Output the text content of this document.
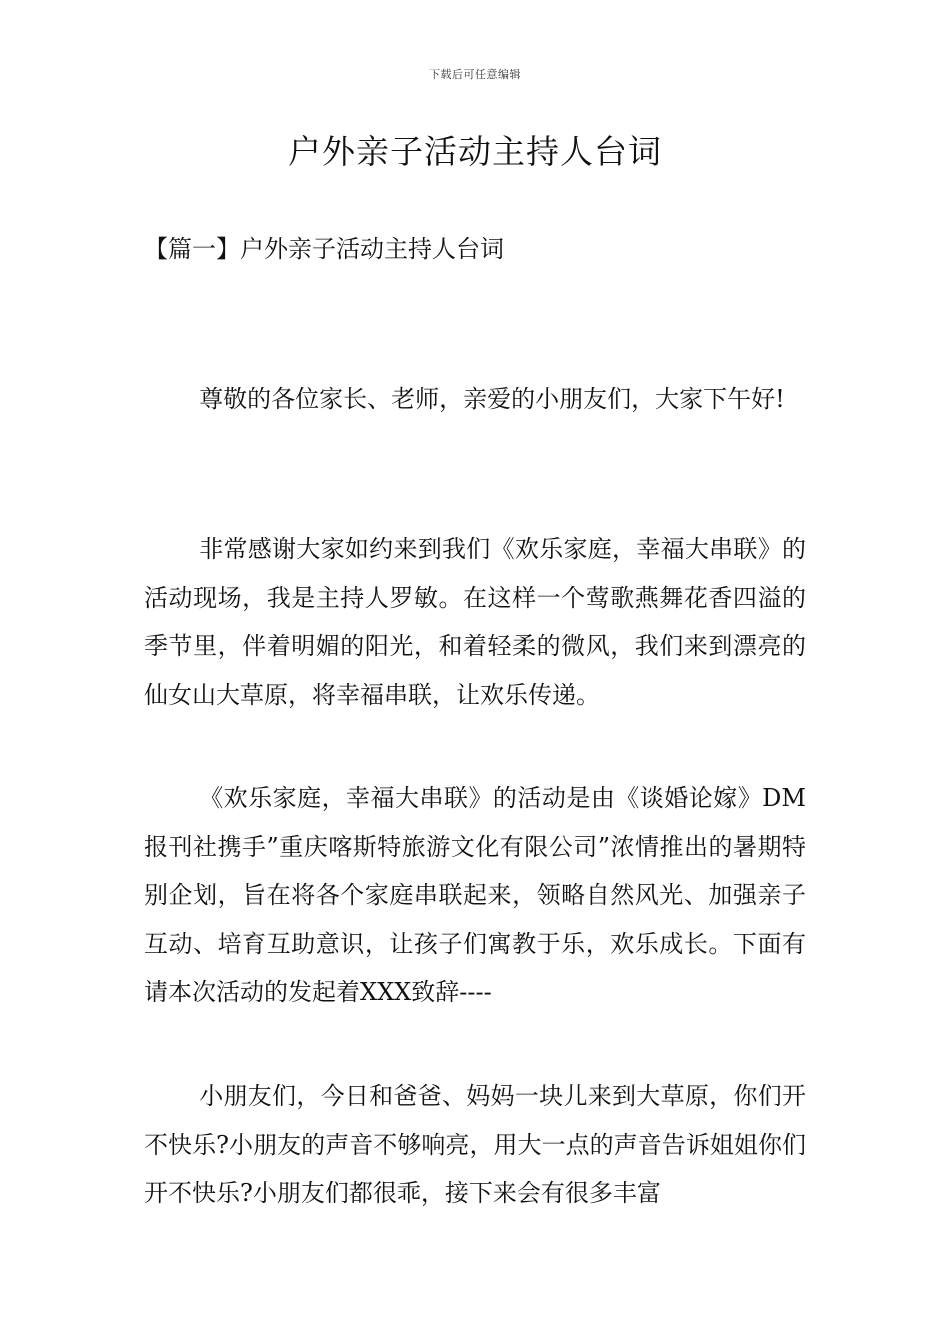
下载后可任意编辑
户外亲子活动主持人台词
【篇一】户外亲子活动主持人台词

尊敬的各位家长、老师，亲爱的小朋友们，大家下午好!

非常感谢大家如约来到我们《欢乐家庭，幸福大串联》的活动现场，我是主持人罗敏。在这样一个莺歌燕舞花香四溢的季节里，伴着明媚的阳光，和着轻柔的微风，我们来到漂亮的仙女山大草原，将幸福串联，让欢乐传递。

《欢乐家庭，幸福大串联》的活动是由《谈婚论嫁》DM报刊社携手”重庆喀斯特旅游文化有限公司”浓情推出的暑期特别企划，旨在将各个家庭串联起来，领略自然风光、加强亲子互动、培育互助意识，让孩子们寓教于乐，欢乐成长。下面有请本次活动的发起着XXX致辞----

小朋友们，今日和爸爸、妈妈一块儿来到大草原，你们开不快乐?小朋友的声音不够响亮，用大一点的声音告诉姐姐你们开不快乐?小朋友们都很乖，接下来会有很多丰富
